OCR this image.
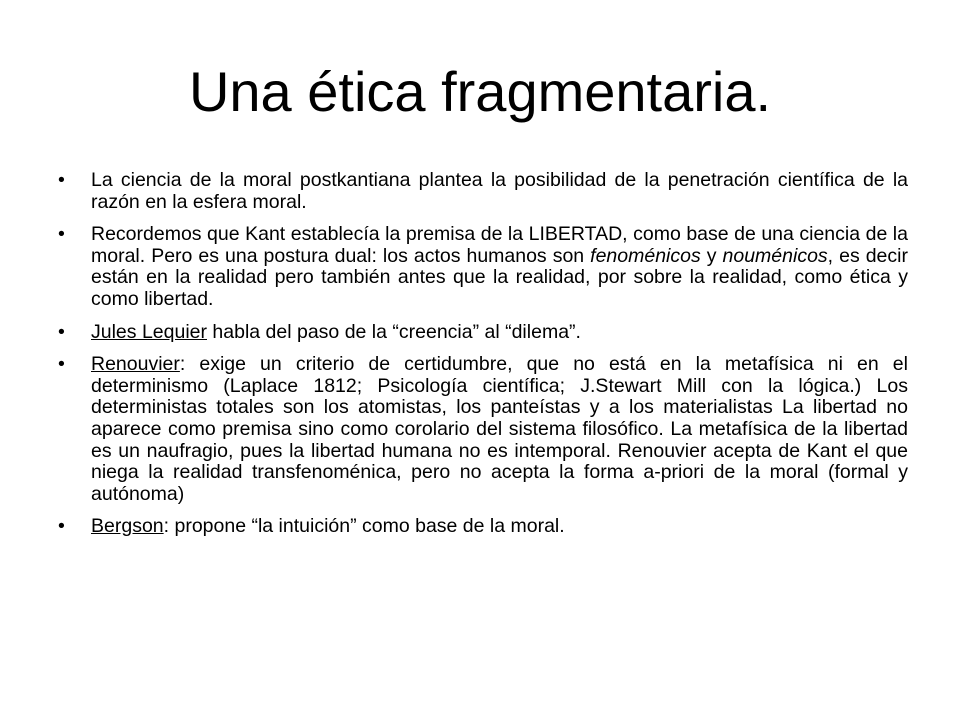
Una ética fragmentaria.
•	La ciencia de la moral postkantiana plantea la posibilidad de la penetración científica de la razón en la esfera moral.
•	Recordemos que Kant establecía la premisa de la LIBERTAD, como base de una ciencia de la moral. Pero es una postura dual: los actos humanos son fenoménicos y nouménicos, es decir están en la realidad pero también antes que la realidad, por sobre la realidad, como ética y como libertad.
•	Jules Lequier habla del paso de la “creencia” al “dilema”.
•	Renouvier: exige un criterio de certidumbre, que no está en la metafísica ni en el determinismo (Laplace 1812; Psicología científica; J.Stewart Mill con la lógica.) Los deterministas totales son los atomistas, los panteístas y a los materialistas La libertad no aparece como premisa sino como corolario del sistema filosófico. La metafísica de la libertad es un naufragio, pues la libertad humana no es intemporal. Renouvier acepta de Kant el que niega la realidad transfenoménica, pero no acepta la forma a-priori de la moral (formal y autónoma)
•	Bergson: propone “la intuición” como base de la moral.
